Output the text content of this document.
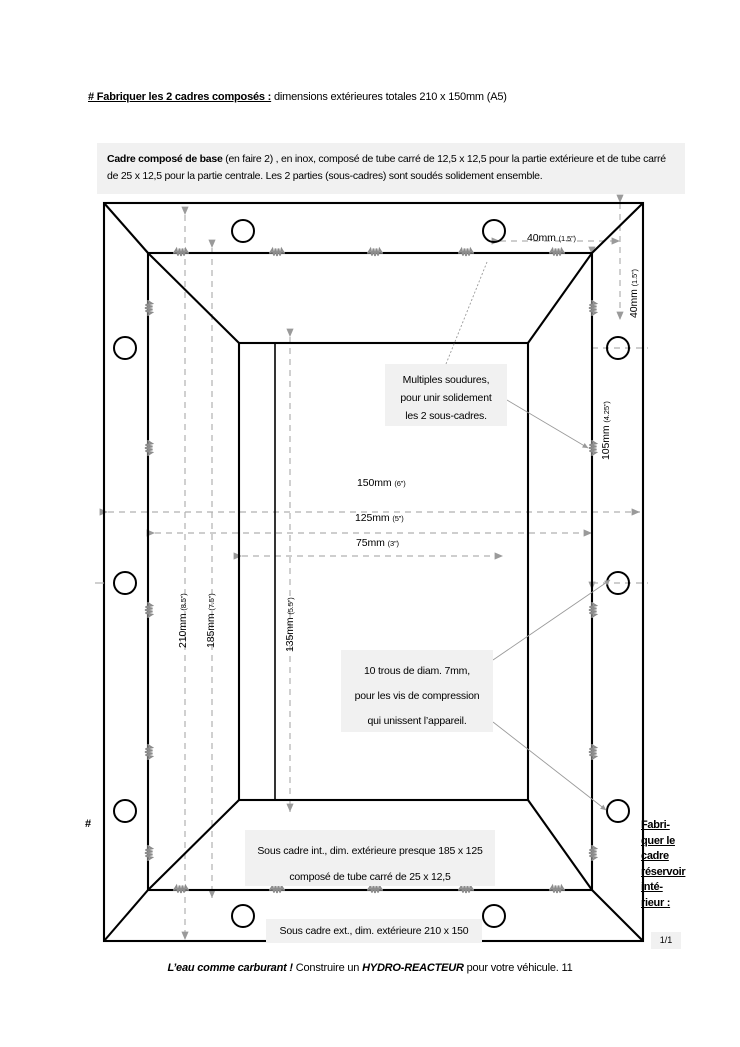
# Fabriquer les 2 cadres composés : dimensions extérieures totales 210 x 150mm (A5)
Cadre composé de base (en faire 2) , en inox, composé de tube carré de 12,5 x 12,5 pour la partie extérieure et de tube carré
de 25 x 12,5 pour la partie centrale. Les 2 parties (sous-cadres) sont soudés solidement ensemble.
40mm (1.5”)
40mm (1.5”)
105mm (4.25”)
150mm (6”)
125mm (5”)
75mm (3”)
210mm (8.5”)
185mm (7.5”)
135mm (5.5”)
Multiples soudures,
pour unir solidement
les 2 sous-cadres.
10 trous de diam. 7mm,
pour les vis de compression
qui unissent l’appareil.
Sous cadre int., dim. extérieure presque 185 x 125
composé de tube carré de 25 x 12,5
Sous cadre ext., dim. extérieure 210 x 150
#	Fabri-
quer le
cadre
réservoir
inté-
rieur :
1/1
L’eau comme carburant ! Construire un HYDRO-REACTEUR pour votre véhicule. 11
